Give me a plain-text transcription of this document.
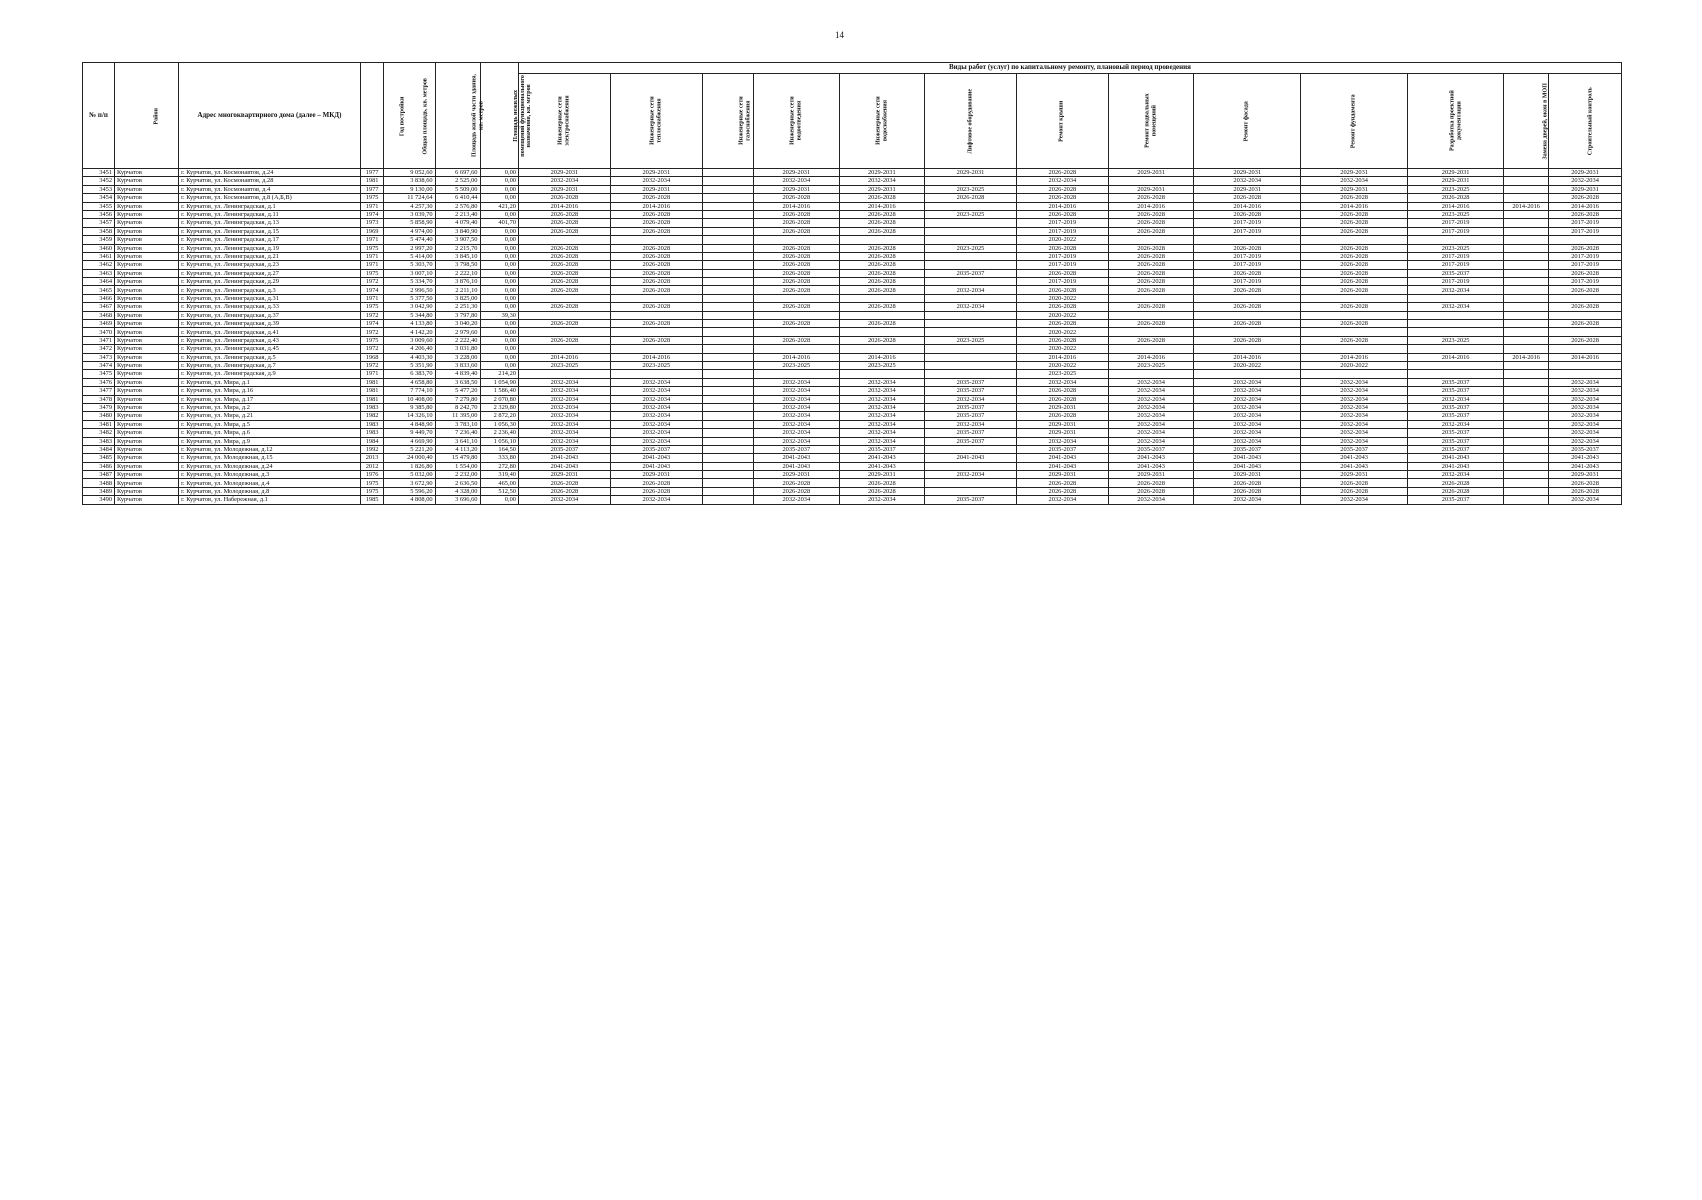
14
№ п/п	Район	Адрес многоквартирного дома (далее – МКД)	Год постройки	Общая площадь, кв. метров	Площадь жилой части здания, кв. метров	Площадь нежилых помещений функционального назначения, кв. метров	Виды работ (услуг) по капитальному ремонту, плановый период проведения												
							Инженерные сети электроснабжения	Инженерные сети теплоснабжения	Инженерные сети газоснабжения	Инженерные сети водоотведения	Инженерные сети водоснабжения	Лифтовое оборудование	Ремонт крыши	Ремонт подвальных помещений	Ремонт фасада	Ремонт фундамента	Разработка проектной документации	Замена дверей, окон в МОП	Строительный контроль
3451	Курчатов	г. Курчатов, ул. Космонавтов, д.24	1977	9 052,60	6 697,60	0,00	2029-2031	2029-2031		2029-2031	2029-2031	2029-2031	2026-2028	2029-2031	2029-2031	2029-2031	2029-2031		2029-2031
3452	Курчатов	г. Курчатов, ул. Космонавтов, д.28	1981	3 838,60	2 525,00	0,00	2032-2034	2032-2034		2032-2034	2032-2034		2032-2034		2032-2034	2032-2034	2029-2031		2032-2034
3453	Курчатов	г. Курчатов, ул. Космонавтов, д.4	1977	9 130,00	5 509,00	0,00	2029-2031	2029-2031		2029-2031	2029-2031	2023-2025	2026-2028	2029-2031	2029-2031	2029-2031	2023-2025		2029-2031
3454	Курчатов	г. Курчатов, ул. Космонавтов, д.8 (А,Б,В)	1975	11 724,64	6 410,44	0,00	2026-2028	2026-2028		2026-2028	2026-2028	2026-2028	2026-2028	2026-2028	2026-2028	2026-2028	2026-2028		2026-2028
3455	Курчатов	г. Курчатов, ул. Ленинградская, д.1	1971	4 257,30	2 576,80	421,20	2014-2016	2014-2016		2014-2016	2014-2016		2014-2016	2014-2016	2014-2016	2014-2016	2014-2016	2014-2016	2014-2016
3456	Курчатов	г. Курчатов, ул. Ленинградская, д.11	1974	3 039,70	2 213,40	0,00	2026-2028	2026-2028		2026-2028	2026-2028	2023-2025	2026-2028	2026-2028	2026-2028	2026-2028	2023-2025		2026-2028
3457	Курчатов	г. Курчатов, ул. Ленинградская, д.13	1973	5 858,90	4 079,40	401,70	2026-2028	2026-2028		2026-2028	2026-2028		2017-2019	2026-2028	2017-2019	2026-2028	2017-2019		2017-2019
3458	Курчатов	г. Курчатов, ул. Ленинградская, д.15	1969	4 974,00	3 840,90	0,00	2026-2028	2026-2028		2026-2028	2026-2028		2017-2019	2026-2028	2017-2019	2026-2028	2017-2019		2017-2019
3459	Курчатов	г. Курчатов, ул. Ленинградская, д.17	1971	5 474,40	3 907,50	0,00							2020-2022						
3460	Курчатов	г. Курчатов, ул. Ленинградская, д.19	1975	2 997,20	2 215,70	0,00	2026-2028	2026-2028		2026-2028	2026-2028	2023-2025	2026-2028	2026-2028	2026-2028	2026-2028	2023-2025		2026-2028
3461	Курчатов	г. Курчатов, ул. Ленинградская, д.21	1971	5 414,00	3 845,10	0,00	2026-2028	2026-2028		2026-2028	2026-2028		2017-2019	2026-2028	2017-2019	2026-2028	2017-2019		2017-2019
3462	Курчатов	г. Курчатов, ул. Ленинградская, д.23	1971	5 303,70	3 798,50	0,00	2026-2028	2026-2028		2026-2028	2026-2028		2017-2019	2026-2028	2017-2019	2026-2028	2017-2019		2017-2019
3463	Курчатов	г. Курчатов, ул. Ленинградская, д.27	1975	3 007,10	2 222,10	0,00	2026-2028	2026-2028		2026-2028	2026-2028	2035-2037	2026-2028	2026-2028	2026-2028	2026-2028	2035-2037		2026-2028
3464	Курчатов	г. Курчатов, ул. Ленинградская, д.29	1972	5 334,70	3 876,10	0,00	2026-2028	2026-2028		2026-2028	2026-2028		2017-2019	2026-2028	2017-2019	2026-2028	2017-2019		2017-2019
3465	Курчатов	г. Курчатов, ул. Ленинградская, д.3	1974	2 996,50	2 211,10	0,00	2026-2028	2026-2028		2026-2028	2026-2028	2032-2034	2026-2028	2026-2028	2026-2028	2026-2028	2032-2034		2026-2028
3466	Курчатов	г. Курчатов, ул. Ленинградская, д.31	1971	5 377,50	3 825,00	0,00							2020-2022						
3467	Курчатов	г. Курчатов, ул. Ленинградская, д.33	1975	3 042,90	2 251,30	0,00	2026-2028	2026-2028		2026-2028	2026-2028	2032-2034	2026-2028	2026-2028	2026-2028	2026-2028	2032-2034		2026-2028
3468	Курчатов	г. Курчатов, ул. Ленинградская, д.37	1972	5 344,80	3 797,80	39,30							2020-2022						
3469	Курчатов	г. Курчатов, ул. Ленинградская, д.39	1974	4 133,80	3 040,20	0,00	2026-2028	2026-2028		2026-2028	2026-2028		2026-2028	2026-2028	2026-2028	2026-2028			2026-2028
3470	Курчатов	г. Курчатов, ул. Ленинградская, д.41	1972	4 142,20	2 979,60	0,00							2020-2022						
3471	Курчатов	г. Курчатов, ул. Ленинградская, д.43	1975	3 009,60	2 222,40	0,00	2026-2028	2026-2028		2026-2028	2026-2028	2023-2025	2026-2028	2026-2028	2026-2028	2026-2028	2023-2025		2026-2028
3472	Курчатов	г. Курчатов, ул. Ленинградская, д.45	1972	4 206,40	3 031,80	0,00							2020-2022						
3473	Курчатов	г. Курчатов, ул. Ленинградская, д.5	1968	4 403,30	3 228,00	0,00	2014-2016	2014-2016		2014-2016	2014-2016		2014-2016	2014-2016	2014-2016	2014-2016	2014-2016	2014-2016	2014-2016
3474	Курчатов	г. Курчатов, ул. Ленинградская, д.7	1972	5 351,90	3 833,60	0,00	2023-2025	2023-2025		2023-2025	2023-2025		2020-2022	2023-2025	2020-2022	2020-2022			
3475	Курчатов	г. Курчатов, ул. Ленинградская, д.9	1971	6 383,70	4 839,40	214,20							2023-2025						
3476	Курчатов	г. Курчатов, ул. Мира, д.1	1981	4 658,80	3 638,50	1 054,90	2032-2034	2032-2034		2032-2034	2032-2034	2035-2037	2032-2034	2032-2034	2032-2034	2032-2034	2035-2037		2032-2034
3477	Курчатов	г. Курчатов, ул. Мира, д.16	1981	7 774,10	5 477,20	1 586,40	2032-2034	2032-2034		2032-2034	2032-2034	2035-2037	2026-2028	2032-2034	2032-2034	2032-2034	2035-2037		2032-2034
3478	Курчатов	г. Курчатов, ул. Мира, д.17	1981	10 408,00	7 279,80	2 070,80	2032-2034	2032-2034		2032-2034	2032-2034	2032-2034	2026-2028	2032-2034	2032-2034	2032-2034	2032-2034		2032-2034
3479	Курчатов	г. Курчатов, ул. Мира, д.2	1983	9 385,80	8 242,70	2 329,80	2032-2034	2032-2034		2032-2034	2032-2034	2035-2037	2029-2031	2032-2034	2032-2034	2032-2034	2035-2037		2032-2034
3480	Курчатов	г. Курчатов, ул. Мира, д.21	1982	14 326,10	11 395,00	2 872,20	2032-2034	2032-2034		2032-2034	2032-2034	2035-2037	2026-2028	2032-2034	2032-2034	2032-2034	2035-2037		2032-2034
3481	Курчатов	г. Курчатов, ул. Мира, д.5	1983	4 848,90	3 783,10	1 056,30	2032-2034	2032-2034		2032-2034	2032-2034	2032-2034	2029-2031	2032-2034	2032-2034	2032-2034	2032-2034		2032-2034
3482	Курчатов	г. Курчатов, ул. Мира, д.6	1983	9 449,70	7 236,40	2 236,40	2032-2034	2032-2034		2032-2034	2032-2034	2035-2037	2029-2031	2032-2034	2032-2034	2032-2034	2035-2037		2032-2034
3483	Курчатов	г. Курчатов, ул. Мира, д.9	1984	4 669,90	3 641,10	1 056,10	2032-2034	2032-2034		2032-2034	2032-2034	2035-2037	2032-2034	2032-2034	2032-2034	2032-2034	2035-2037		2032-2034
3484	Курчатов	г. Курчатов, ул. Молодежная, д.12	1992	5 221,20	4 113,20	164,50	2035-2037	2035-2037		2035-2037	2035-2037		2035-2037	2035-2037	2035-2037	2035-2037	2035-2037		2035-2037
3485	Курчатов	г. Курчатов, ул. Молодежная, д.15	2013	24 000,40	15 479,80	333,80	2041-2043	2041-2043		2041-2043	2041-2043	2041-2043	2041-2043	2041-2043	2041-2043	2041-2043	2041-2043		2041-2043
3486	Курчатов	г. Курчатов, ул. Молодежная, д.24	2012	1 826,80	1 554,00	272,80	2041-2043	2041-2043		2041-2043	2041-2043		2041-2043	2041-2043	2041-2043	2041-2043	2041-2043		2041-2043
3487	Курчатов	г. Курчатов, ул. Молодежная, д.3	1976	5 032,00	2 232,00	319,40	2029-2031	2029-2031		2029-2031	2029-2031	2032-2034	2029-2031	2029-2031	2029-2031	2029-2031	2032-2034		2029-2031
3488	Курчатов	г. Курчатов, ул. Молодежная, д.4	1975	3 672,90	2 636,50	465,00	2026-2028	2026-2028		2026-2028	2026-2028		2026-2028	2026-2028	2026-2028	2026-2028	2026-2028		2026-2028
3489	Курчатов	г. Курчатов, ул. Молодежная, д.8	1975	5 596,20	4 328,00	512,50	2026-2028	2026-2028		2026-2028	2026-2028		2026-2028	2026-2028	2026-2028	2026-2028	2026-2028		2026-2028
3490	Курчатов	г. Курчатов, ул. Набережная, д.1	1985	4 808,00	3 696,60	0,00	2032-2034	2032-2034		2032-2034	2032-2034	2035-2037	2032-2034	2032-2034	2032-2034	2032-2034	2035-2037		2032-2034
